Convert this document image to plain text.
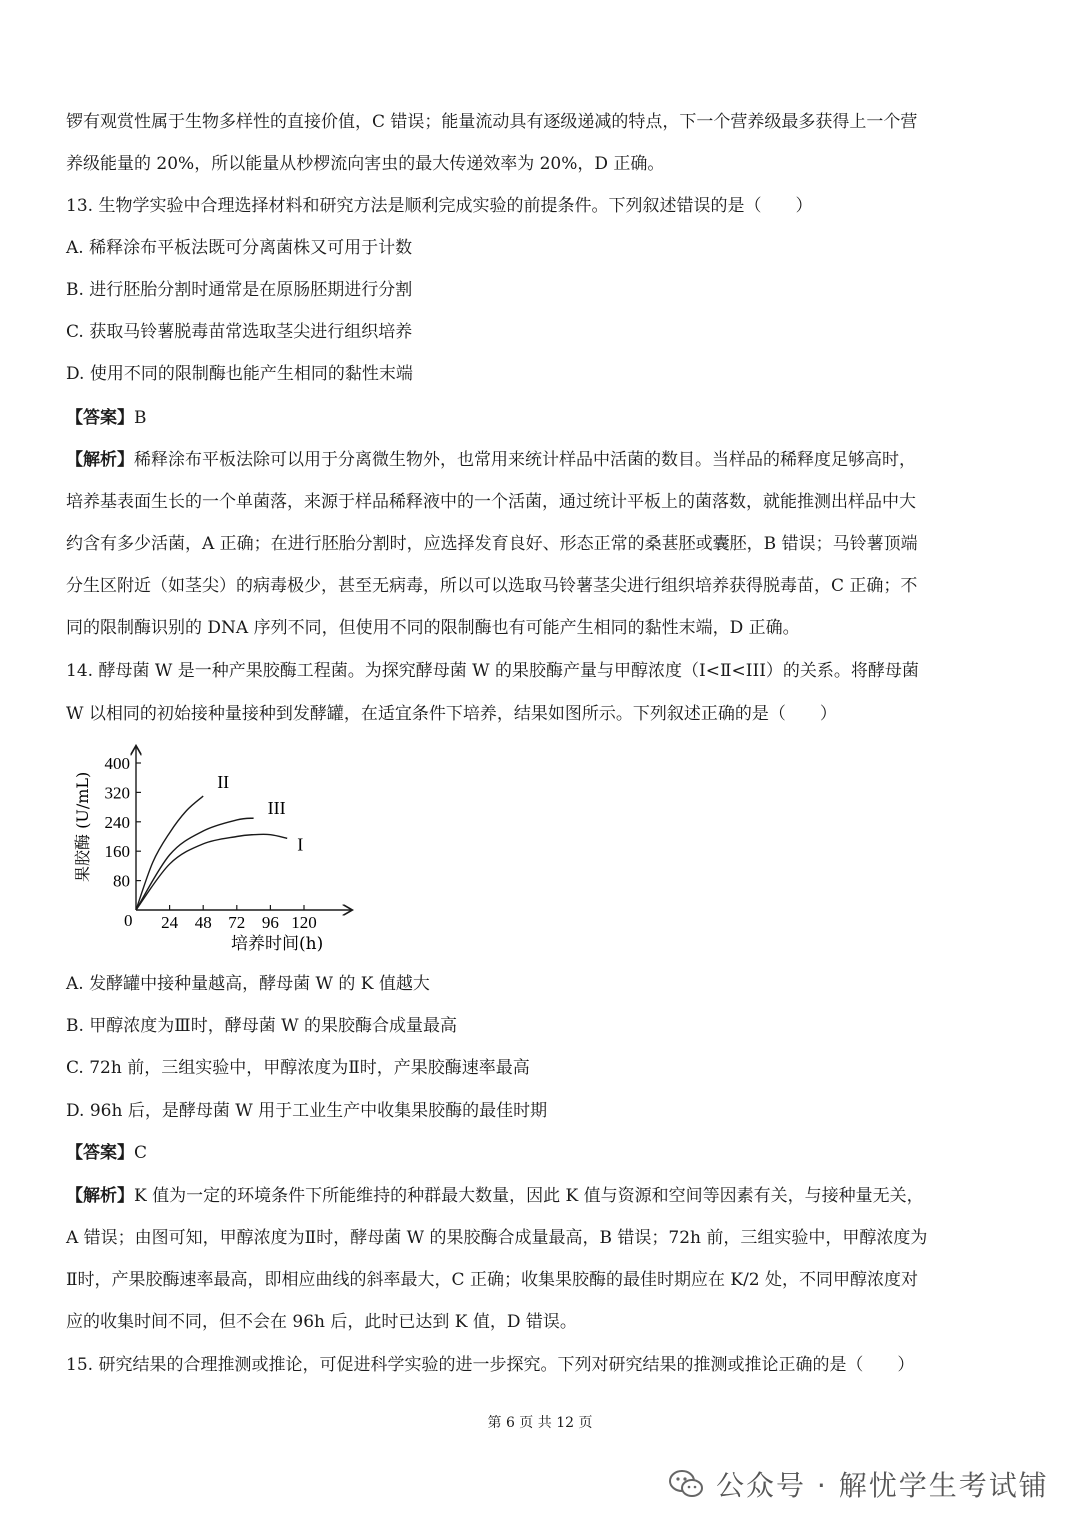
锣有观赏性属于生物多样性的直接价值，C 错误；能量流动具有逐级递减的特点，下一个营养级最多获得上一个营
养级能量的 20%，所以能量从杪椤流向害虫的最大传递效率为 20%，D 正确。
13. 生物学实验中合理选择材料和研究方法是顺利完成实验的前提条件。下列叙述错误的是（　　）
A. 稀释涂布平板法既可分离菌株又可用于计数
B. 进行胚胎分割时通常是在原肠胚期进行分割
C. 获取马铃薯脱毒苗常选取茎尖进行组织培养
D. 使用不同的限制酶也能产生相同的黏性末端
【答案】B
【解析】稀释涂布平板法除可以用于分离微生物外，也常用来统计样品中活菌的数目。当样品的稀释度足够高时，
培养基表面生长的一个单菌落，来源于样品稀释液中的一个活菌，通过统计平板上的菌落数，就能推测出样品中大
约含有多少活菌，A 正确；在进行胚胎分割时，应选择发育良好、形态正常的桑葚胚或囊胚，B 错误；马铃薯顶端
分生区附近（如茎尖）的病毒极少，甚至无病毒，所以可以选取马铃薯茎尖进行组织培养获得脱毒苗，C 正确；不
同的限制酶识别的 DNA 序列不同，但使用不同的限制酶也有可能产生相同的黏性末端，D 正确。
14. 酵母菌 W 是一种产果胶酶工程菌。为探究酵母菌 W 的果胶酶产量与甲醇浓度（Ⅰ<Ⅱ<III）的关系。将酵母菌
W 以相同的初始接种量接种到发酵罐，在适宜条件下培养，结果如图所示。下列叙述正确的是（　　）
24 48 72 96 120
80
160
240
320
400
II
III
I
0
培养时间(h)
果胶酶 (U/mL)
A. 发酵罐中接种量越高，酵母菌 W 的 K 值越大
B. 甲醇浓度为Ⅲ时，酵母菌 W 的果胶酶合成量最高
C. 72h 前，三组实验中，甲醇浓度为Ⅱ时，产果胶酶速率最高
D. 96h 后，是酵母菌 W 用于工业生产中收集果胶酶的最佳时期
【答案】C
【解析】K 值为一定的环境条件下所能维持的种群最大数量，因此 K 值与资源和空间等因素有关，与接种量无关，
A 错误；由图可知，甲醇浓度为Ⅱ时，酵母菌 W 的果胶酶合成量最高，B 错误；72h 前，三组实验中，甲醇浓度为
Ⅱ时，产果胶酶速率最高，即相应曲线的斜率最大，C 正确；收集果胶酶的最佳时期应在 K/2 处，不同甲醇浓度对
应的收集时间不同，但不会在 96h 后，此时已达到 K 值，D 错误。
15. 研究结果的合理推测或推论，可促进科学实验的进一步探究。下列对研究结果的推测或推论正确的是（　　）
第 6 页 共 12 页
公众号 · 解忧学生考试铺
